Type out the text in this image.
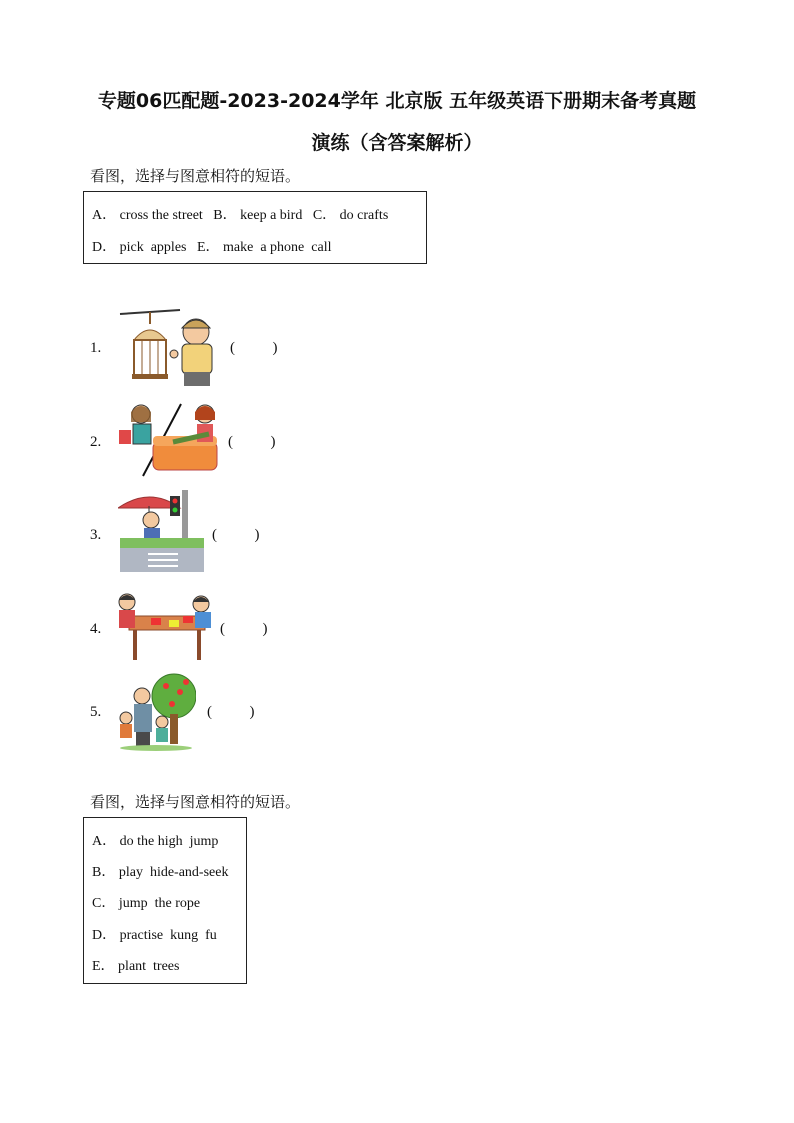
专题06匹配题-2023-2024学年 北京版 五年级英语下册期末备考真题
演练（含答案解析）
看图，选择与图意相符的短语。
A． cross the street   B． keep a bird   C． do crafts
D． pick  apples   E． make  a phone  call
1.	(          )
2.	(          )
3.	(          )
4.	(          )
5.	(          )
看图，选择与图意相符的短语。
A． do the high  jump
B． play  hide-and-seek
C． jump  the rope
D． practise  kung  fu
E． plant  trees
